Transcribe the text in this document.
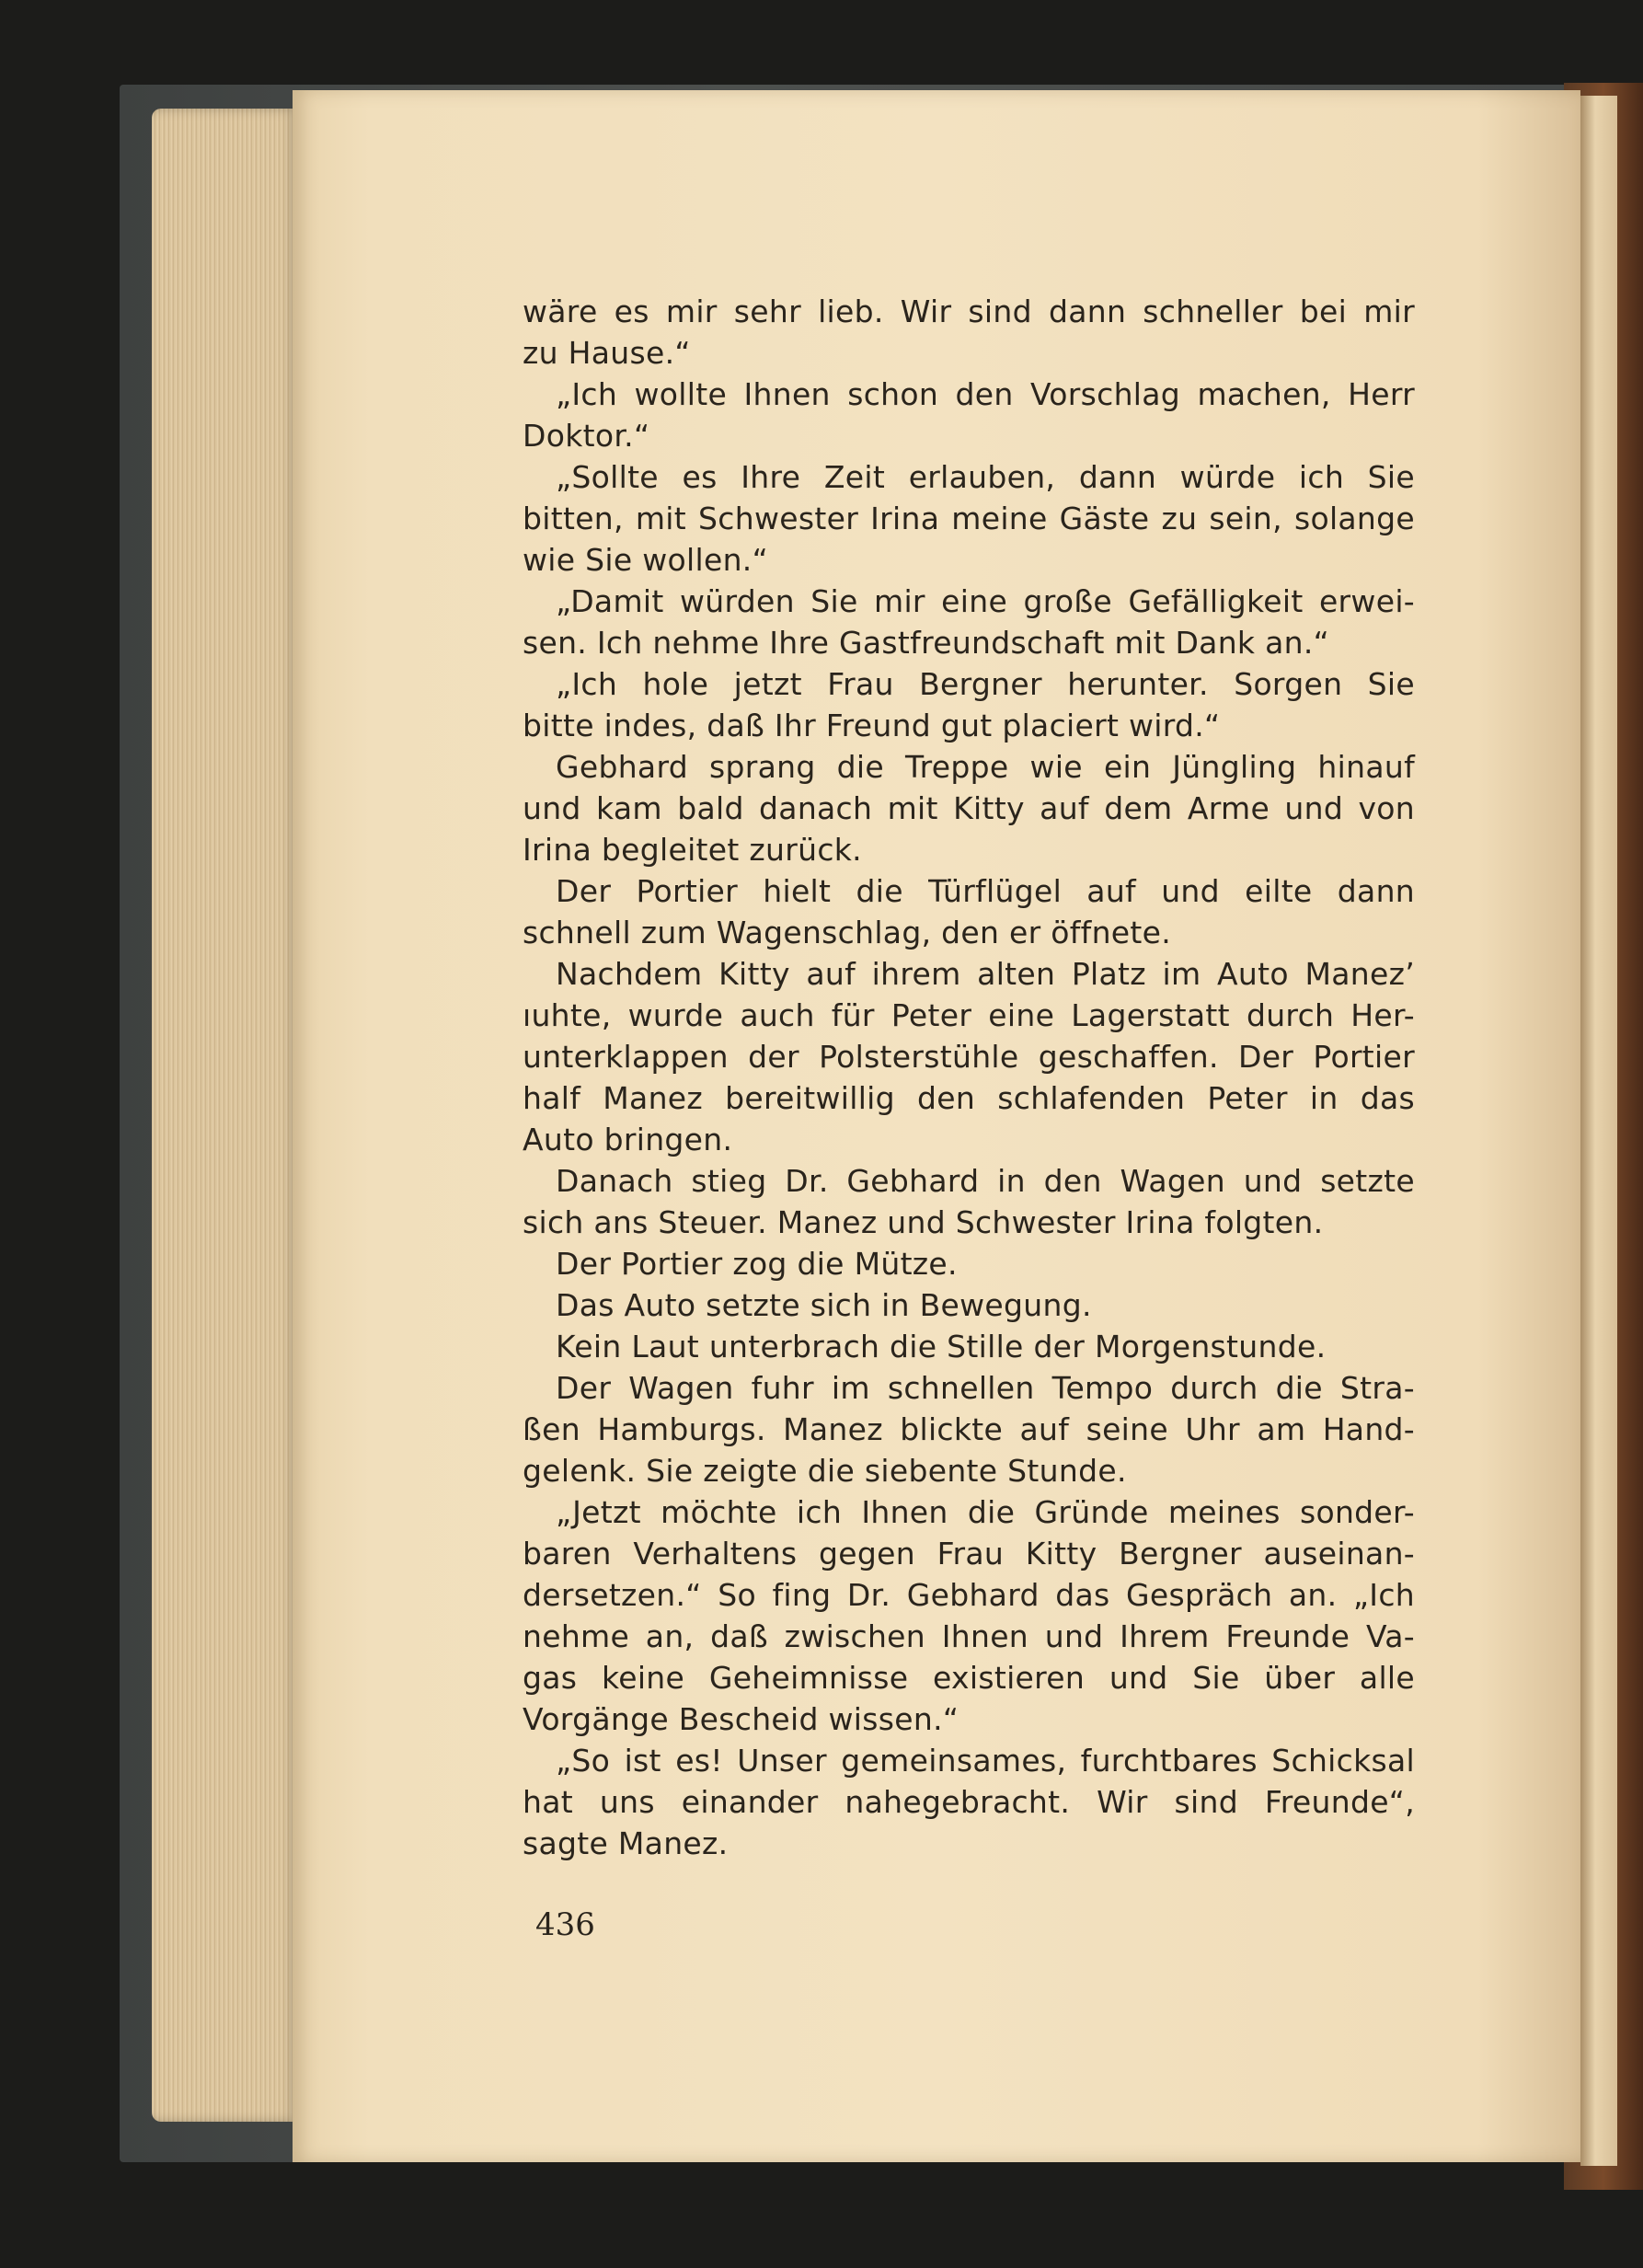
wäre es mir sehr lieb. Wir sind dann schneller bei mir
zu Hause.“
„Ich wollte Ihnen schon den Vorschlag machen, Herr
Doktor.“
„Sollte es Ihre Zeit erlauben, dann würde ich Sie
bitten, mit Schwester Irina meine Gäste zu sein, solange
wie Sie wollen.“
„Damit würden Sie mir eine große Gefälligkeit erwei-
sen. Ich nehme Ihre Gastfreundschaft mit Dank an.“
„Ich hole jetzt Frau Bergner herunter. Sorgen Sie
bitte indes, daß Ihr Freund gut placiert wird.“
Gebhard sprang die Treppe wie ein Jüngling hinauf
und kam bald danach mit Kitty auf dem Arme und von
Irina begleitet zurück.
Der Portier hielt die Türflügel auf und eilte dann
schnell zum Wagenschlag, den er öffnete.
Nachdem Kitty auf ihrem alten Platz im Auto Manez’
ıuhte, wurde auch für Peter eine Lagerstatt durch Her-
unterklappen der Polsterstühle geschaffen. Der Portier
half Manez bereitwillig den schlafenden Peter in das
Auto bringen.
Danach stieg Dr. Gebhard in den Wagen und setzte
sich ans Steuer. Manez und Schwester Irina folgten.
Der Portier zog die Mütze.
Das Auto setzte sich in Bewegung.
Kein Laut unterbrach die Stille der Morgenstunde.
Der Wagen fuhr im schnellen Tempo durch die Stra-
ßen Hamburgs. Manez blickte auf seine Uhr am Hand-
gelenk. Sie zeigte die siebente Stunde.
„Jetzt möchte ich Ihnen die Gründe meines sonder-
baren Verhaltens gegen Frau Kitty Bergner auseinan-
dersetzen.“ So fing Dr. Gebhard das Gespräch an. „Ich
nehme an, daß zwischen Ihnen und Ihrem Freunde Va-
gas keine Geheimnisse existieren und Sie über alle
Vorgänge Bescheid wissen.“
„So ist es! Unser gemeinsames, furchtbares Schicksal
hat uns einander nahegebracht. Wir sind Freunde“,
sagte Manez.
436
